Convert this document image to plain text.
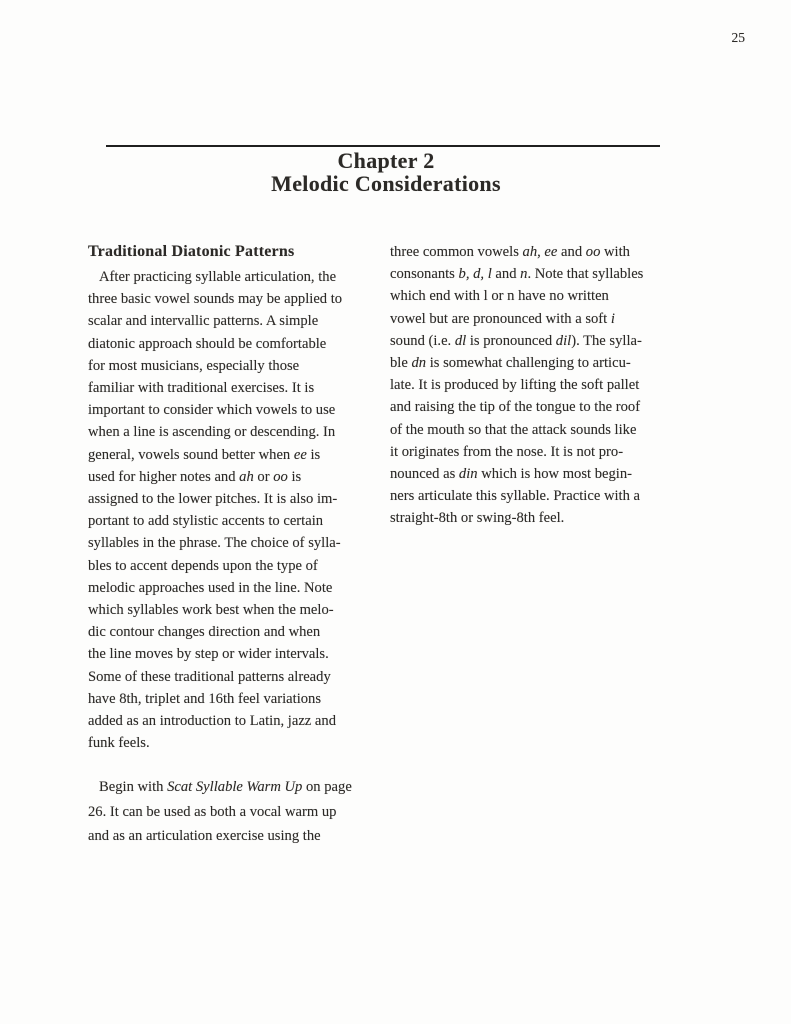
25
Chapter 2
Melodic Considerations
Traditional Diatonic Patterns
After practicing syllable articulation, the
three basic vowel sounds may be applied to
scalar and intervallic patterns. A simple
diatonic approach should be comfortable
for most musicians, especially those
familiar with traditional exercises. It is
important to consider which vowels to use
when a line is ascending or descending. In
general, vowels sound better when ee is
used for higher notes and ah or oo is
assigned to the lower pitches. It is also im-
portant to add stylistic accents to certain
syllables in the phrase. The choice of sylla-
bles to accent depends upon the type of
melodic approaches used in the line. Note
which syllables work best when the melo-
dic contour changes direction and when
the line moves by step or wider intervals.
Some of these traditional patterns already
have 8th, triplet and 16th feel variations
added as an introduction to Latin, jazz and
funk feels.
Begin with Scat Syllable Warm Up on page
26. It can be used as both a vocal warm up
and as an articulation exercise using the
three common vowels ah, ee and oo with
consonants b, d, l and n. Note that syllables
which end with l or n have no written
vowel but are pronounced with a soft i
sound (i.e. dl is pronounced dil). The sylla-
ble dn is somewhat challenging to articu-
late. It is produced by lifting the soft pallet
and raising the tip of the tongue to the roof
of the mouth so that the attack sounds like
it originates from the nose. It is not pro-
nounced as din which is how most begin-
ners articulate this syllable. Practice with a
straight-8th or swing-8th feel.
